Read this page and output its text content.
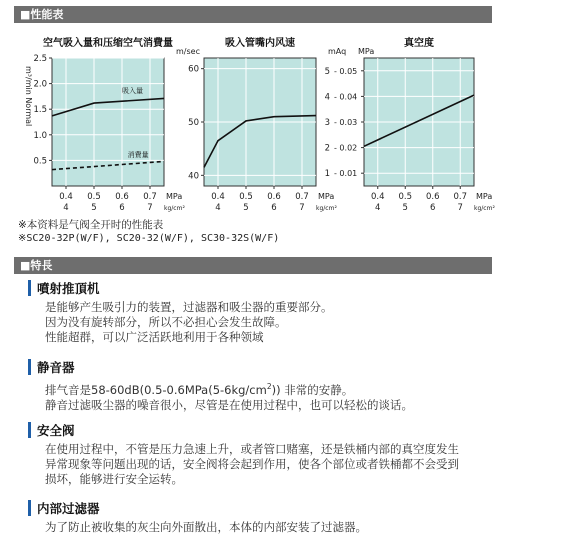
■性能表
空气吸入量和压缩空气消費量
0.4
4
0.5
5
0.6
6
0.7
7
MPa
kg/cm²
0.5
1.0
1.5
2.0
2.5
m³/min Normal	吸入量
消費量
吸入管嘴内风速
0.4
4
0.5
5
0.6
6
0.7
7
MPa
kg/cm²
40
50
60
m/sec
真空度
0.4
4
0.5
5
0.6
6
0.7
7
MPa
kg/cm²
1
2
3
4
5
mAq MPa
- 0.01
- 0.02
- 0.03
- 0.04
- 0.05
※本资料是气阀全开时的性能表
※SC20-32P(W/F), SC20-32(W/F), SC30-32S(W/F)
■特長
噴射推頂机

是能够产生吸引力的装置，过滤器和吸尘器的重要部分。

因为没有旋转部分，所以不必担心会发生故障。

性能超群，可以广泛活跃地利用于各种领域

静音器

排气音是$58-60dB(0.5-0.6MPa(5-6kg/cm^2))$ 非常的安静。

静音过滤吸尘器的噪音很小，尽管是在使用过程中，也可以轻松的谈话。

安全阀

在使用过程中，不管是压力急速上升，或者管口赌塞，还是铁桶内部的真空度发生

异常现象等问题出现的话，安全阀将会起到作用，使各个部位或者铁桶都不会受到

损坏，能够进行安全运转。

内部过滤器

为了防止被收集的灰尘向外面散出，本体的内部安装了过滤器。
